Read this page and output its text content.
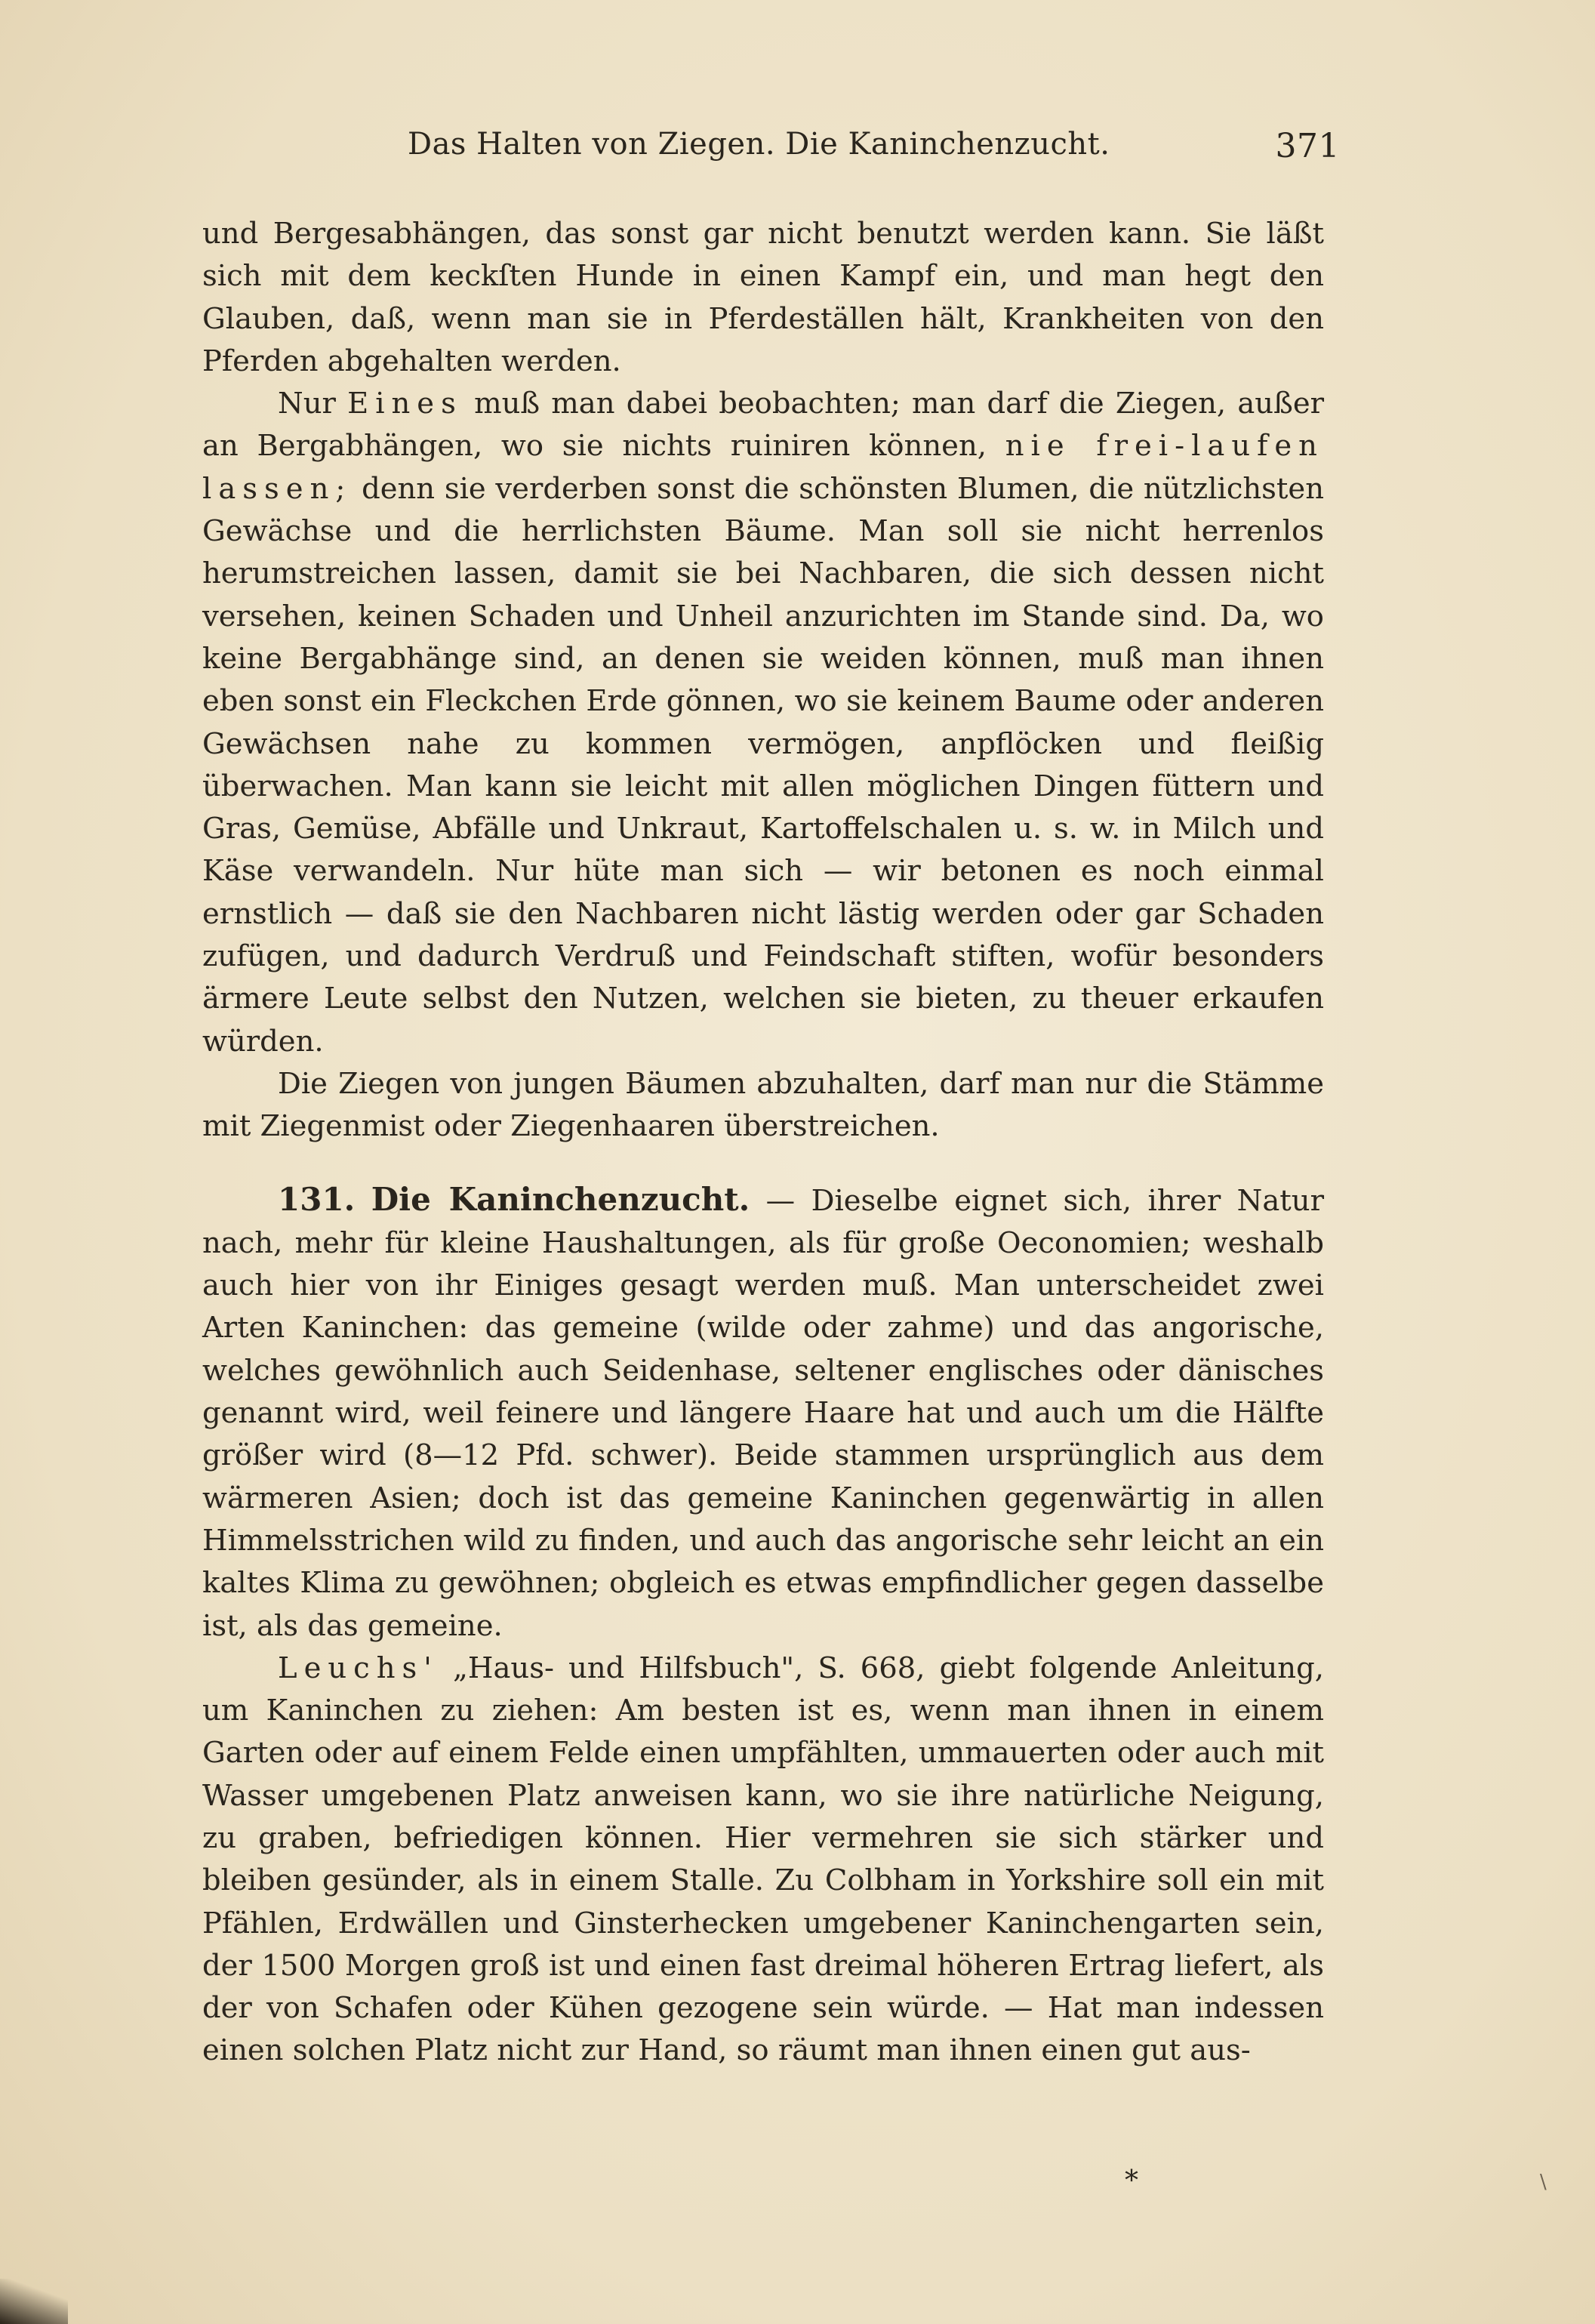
Das Halten von Ziegen. Die Kaninchenzucht.	371

und Bergesabhängen, das sonst gar nicht benutzt werden kann. Sie läßt sich mit dem keckſten Hunde in einen Kampf ein, und man hegt den Glauben, daß, wenn man sie in Pferdeställen hält, Krankheiten von den Pferden abgehalten werden.

Nur Eines muß man dabei beobachten; man darf die Ziegen, außer an Bergabhängen, wo sie nichts ruiniren können, nie frei-laufen lassen; denn sie verderben sonst die schönsten Blumen, die nützlichsten Gewächse und die herrlichsten Bäume. Man soll sie nicht herrenlos herumstreichen lassen, damit sie bei Nachbaren, die sich dessen nicht versehen, keinen Schaden und Unheil anzurichten im Stande sind. Da, wo keine Bergabhänge sind, an denen sie weiden können, muß man ihnen eben sonst ein Fleckchen Erde gönnen, wo sie keinem Baume oder anderen Gewächsen nahe zu kommen vermögen, anpflöcken und fleißig überwachen. Man kann sie leicht mit allen möglichen Dingen füttern und Gras, Gemüse, Abfälle und Unkraut, Kartoffelschalen u. s. w. in Milch und Käse verwandeln. Nur hüte man sich — wir betonen es noch einmal ernstlich — daß sie den Nachbaren nicht lästig werden oder gar Schaden zufügen, und dadurch Verdruß und Feindschaft stiften, wofür besonders ärmere Leute selbst den Nutzen, welchen sie bieten, zu theuer erkaufen würden.

Die Ziegen von jungen Bäumen abzuhalten, darf man nur die Stämme mit Ziegenmist oder Ziegenhaaren überstreichen.

131. Die Kaninchenzucht. — Dieselbe eignet sich, ihrer Natur nach, mehr für kleine Haushaltungen, als für große Oeconomien; weshalb auch hier von ihr Einiges gesagt werden muß. Man unterscheidet zwei Arten Kaninchen: das gemeine (wilde oder zahme) und das angorische, welches gewöhnlich auch Seidenhase, seltener englisches oder dänisches genannt wird, weil feinere und längere Haare hat und auch um die Hälfte größer wird (8—12 Pfd. schwer). Beide stammen ursprünglich aus dem wärmeren Asien; doch ist das gemeine Kaninchen gegenwärtig in allen Himmelsstrichen wild zu finden, und auch das angorische sehr leicht an ein kaltes Klima zu gewöhnen; obgleich es etwas empfindlicher gegen dasselbe ist, als das gemeine.

Leuchs' „Haus- und Hilfsbuch", S. 668, giebt folgende Anleitung, um Kaninchen zu ziehen: Am besten ist es, wenn man ihnen in einem Garten oder auf einem Felde einen umpfählten, ummauerten oder auch mit Wasser umgebenen Platz anweisen kann, wo sie ihre natürliche Neigung, zu graben, befriedigen können. Hier vermehren sie sich stärker und bleiben gesünder, als in einem Stalle. Zu Colbham in Yorkshire soll ein mit Pfählen, Erdwällen und Ginsterhecken umgebener Kaninchengarten sein, der 1500 Morgen groß ist und einen fast dreimal höheren Ertrag liefert, als der von Schafen oder Kühen gezogene sein würde. — Hat man indessen einen solchen Platz nicht zur Hand, so räumt man ihnen einen gut aus-

*	\
